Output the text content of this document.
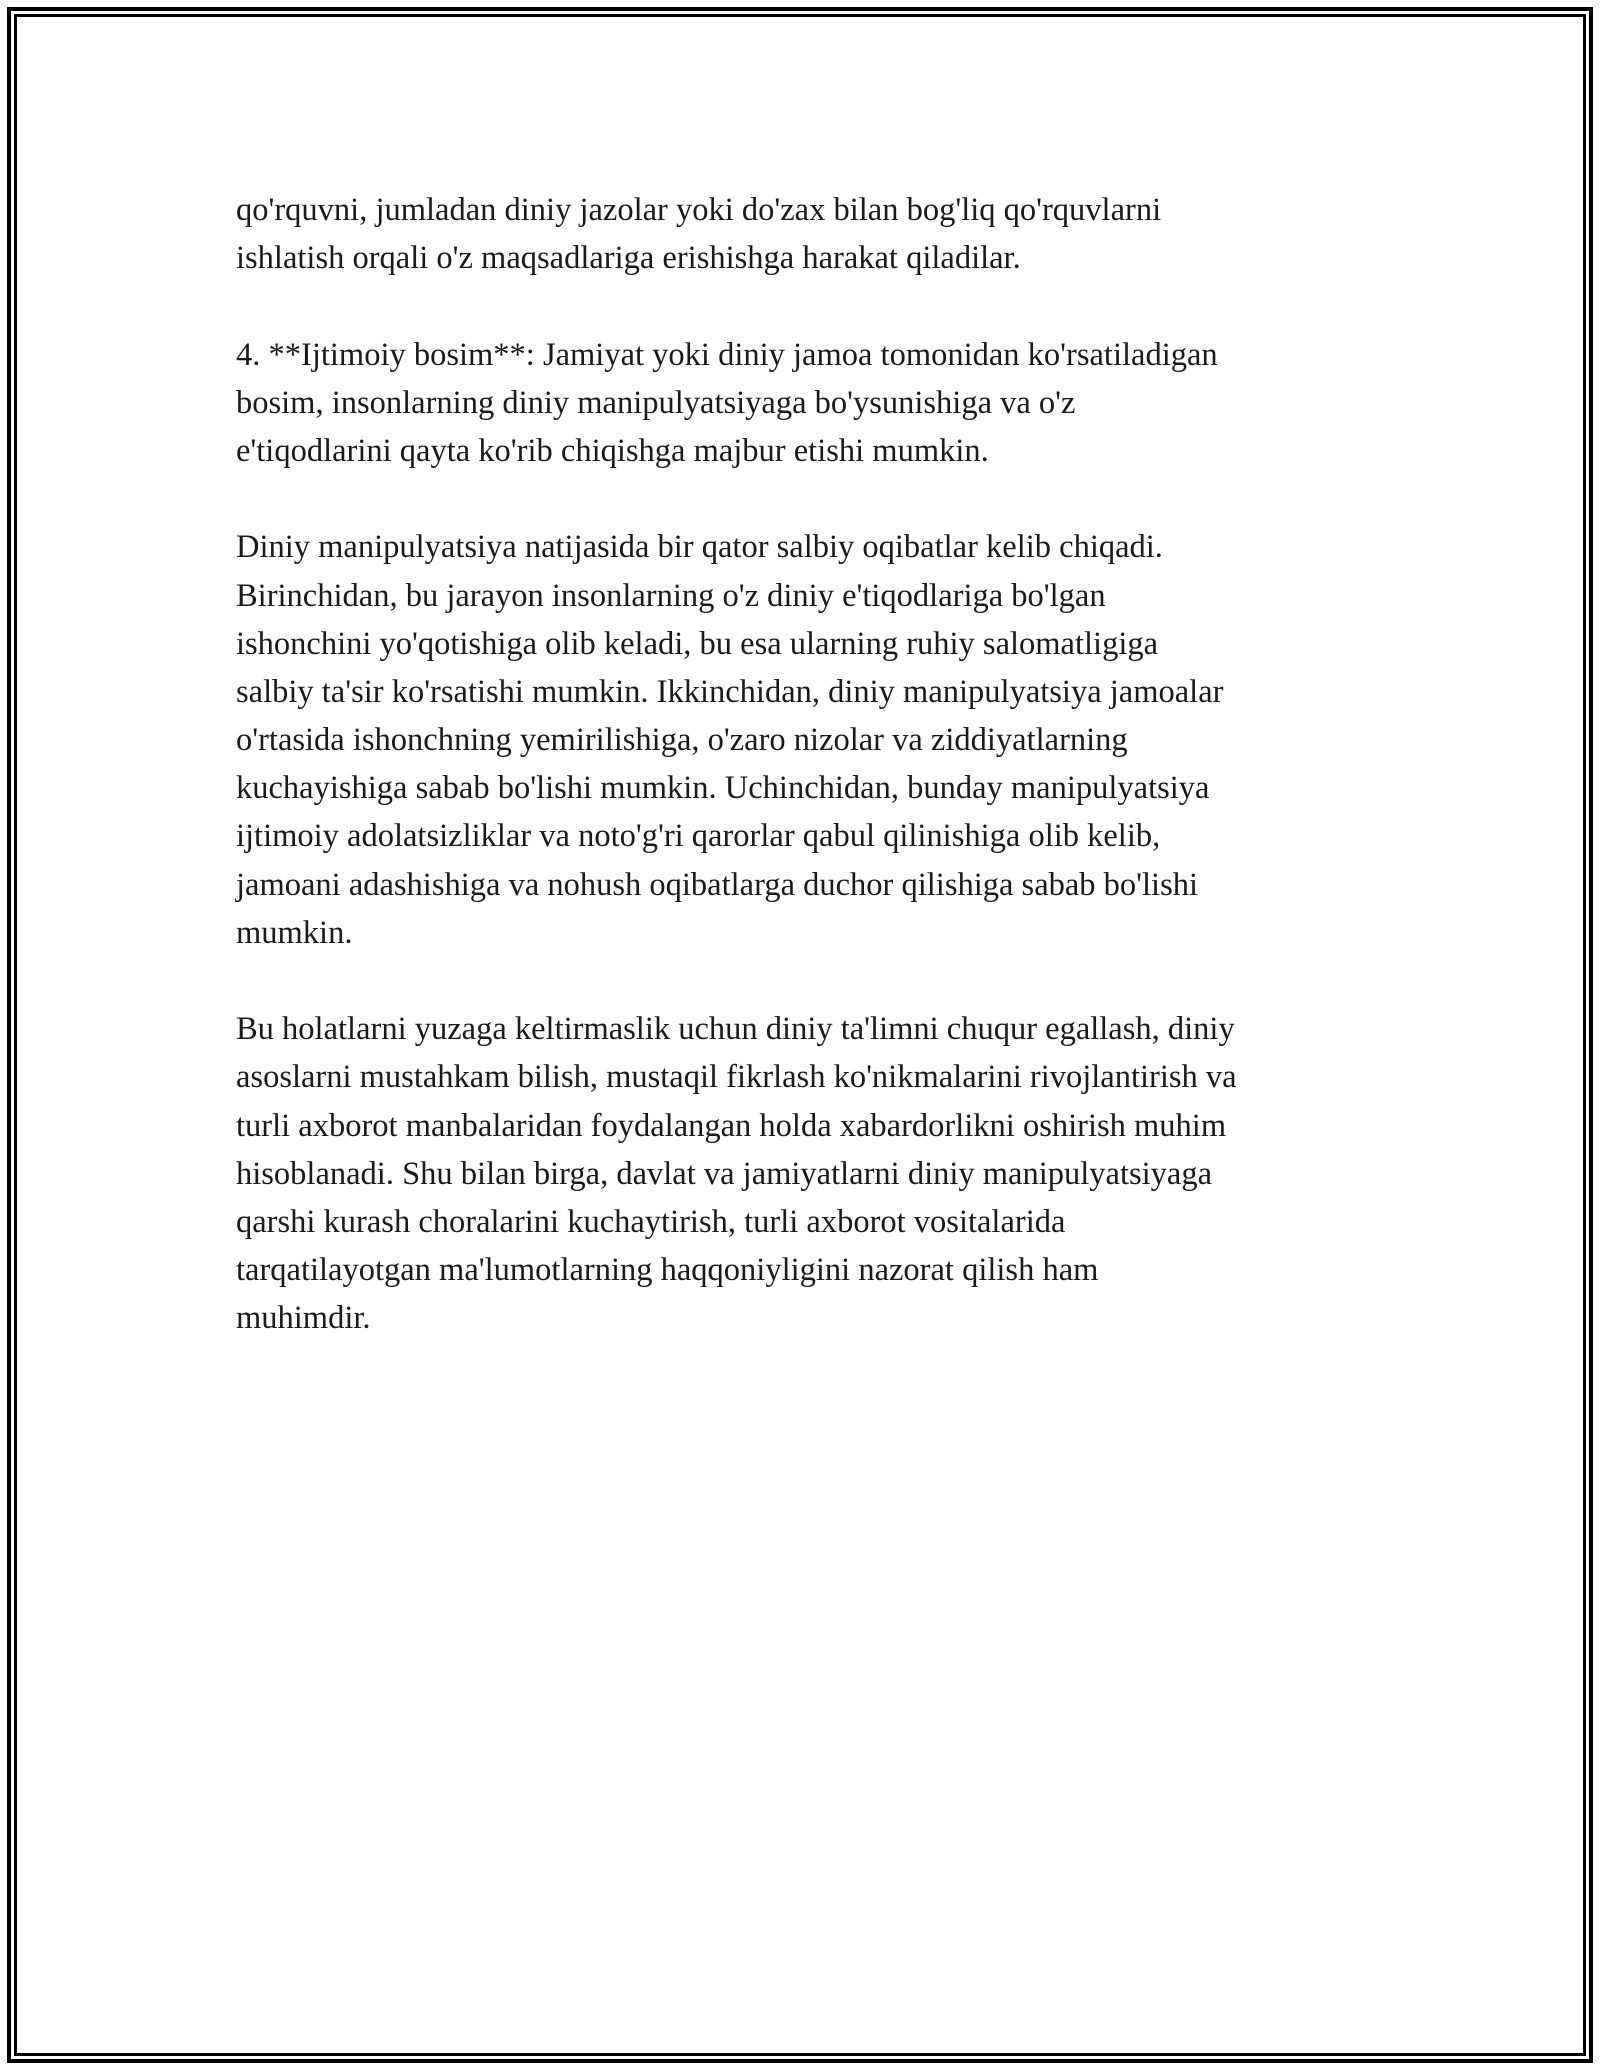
qo'rquvni, jumladan diniy jazolar yoki do'zax bilan bog'liq qo'rquvlarni
ishlatish orqali o'z maqsadlariga erishishga harakat qiladilar.
4. **Ijtimoiy bosim**: Jamiyat yoki diniy jamoa tomonidan ko'rsatiladigan
bosim, insonlarning diniy manipulyatsiyaga bo'ysunishiga va o'z
e'tiqodlarini qayta ko'rib chiqishga majbur etishi mumkin.
Diniy manipulyatsiya natijasida bir qator salbiy oqibatlar kelib chiqadi.
Birinchidan, bu jarayon insonlarning o'z diniy e'tiqodlariga bo'lgan
ishonchini yo'qotishiga olib keladi, bu esa ularning ruhiy salomatligiga
salbiy ta'sir ko'rsatishi mumkin. Ikkinchidan, diniy manipulyatsiya jamoalar
o'rtasida ishonchning yemirilishiga, o'zaro nizolar va ziddiyatlarning
kuchayishiga sabab bo'lishi mumkin. Uchinchidan, bunday manipulyatsiya
ijtimoiy adolatsizliklar va noto'g'ri qarorlar qabul qilinishiga olib kelib,
jamoani adashishiga va nohush oqibatlarga duchor qilishiga sabab bo'lishi
mumkin.
Bu holatlarni yuzaga keltirmaslik uchun diniy ta'limni chuqur egallash, diniy
asoslarni mustahkam bilish, mustaqil fikrlash ko'nikmalarini rivojlantirish va
turli axborot manbalaridan foydalangan holda xabardorlikni oshirish muhim
hisoblanadi. Shu bilan birga, davlat va jamiyatlarni diniy manipulyatsiyaga
qarshi kurash choralarini kuchaytirish, turli axborot vositalarida
tarqatilayotgan ma'lumotlarning haqqoniyligini nazorat qilish ham
muhimdir.
